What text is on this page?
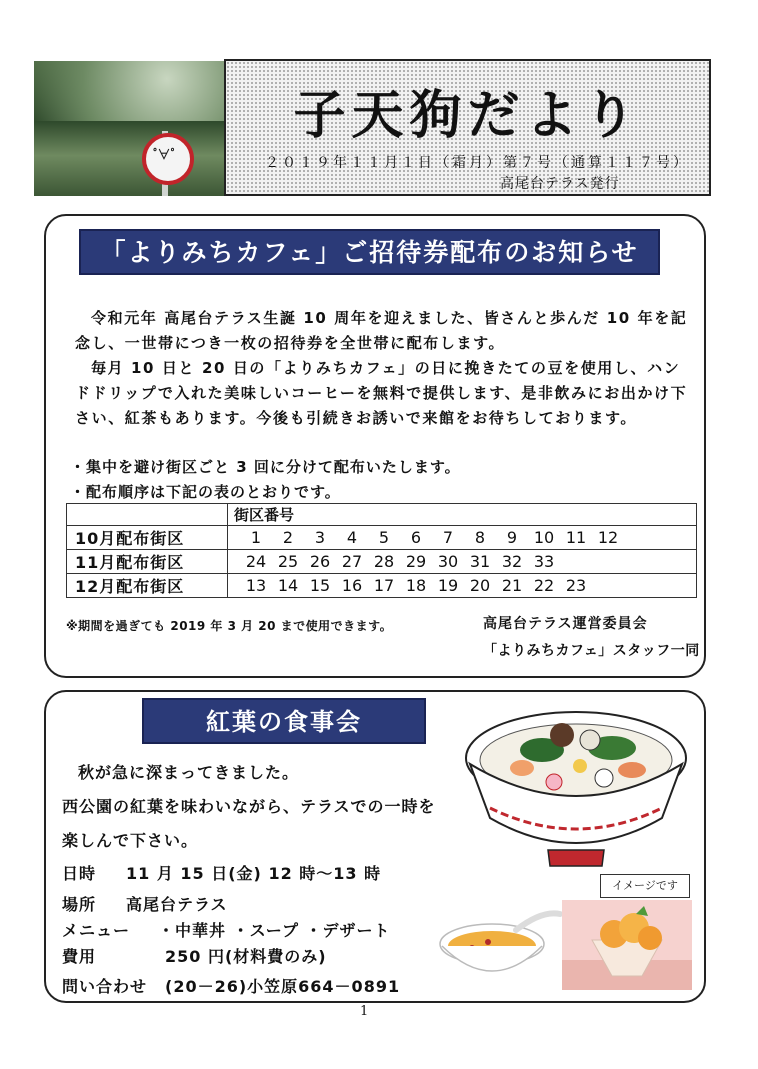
ﾟ∀ﾟ
子天狗だより
２０１９年１１月１日（霜月）第７号（通算１１７号）
高尾台テラス発行
「よりみちカフェ」ご招待券配布のお知らせ
令和元年 高尾台テラス生誕 10 周年を迎えました、皆さんと歩んだ 10 年を記念し、一世帯につき一枚の招待券を全世帯に配布します。
毎月 10 日と 20 日の「よりみちカフェ」の日に挽きたての豆を使用し、ハンドドリップで入れた美味しいコーヒーを無料で提供します、是非飲みにお出かけ下さい、紅茶もあります。今後も引続きお誘いで来館をお待ちしております。
・集中を避け街区ごと 3 回に分けて配布いたします。
・配布順序は下記の表のとおりです。
	街区番号
10月配布街区	1 2 3 4 5 6 7 8 9 10 11 12
11月配布街区	24 25 26 27 28 29 30 31 32 33
12月配布街区	13 14 15 16 17 18 19 20 21 22 23
※期間を過ぎても 2019 年 3 月 20 まで使用できます。	高尾台テラス運営委員会
「よりみちカフェ」スタッフ一同
紅葉の食事会
秋が急に深まってきました。
西公園の紅葉を味わいながら、テラスでの一時を
楽しんで下さい。
日時 11 月 15 日(金) 12 時～13 時
場所 高尾台テラス
メニュー ・中華丼 ・スープ ・デザート
費用	250 円(材料費のみ)
問い合わせ (20－26)小笠原664－0891
イメージです
1
